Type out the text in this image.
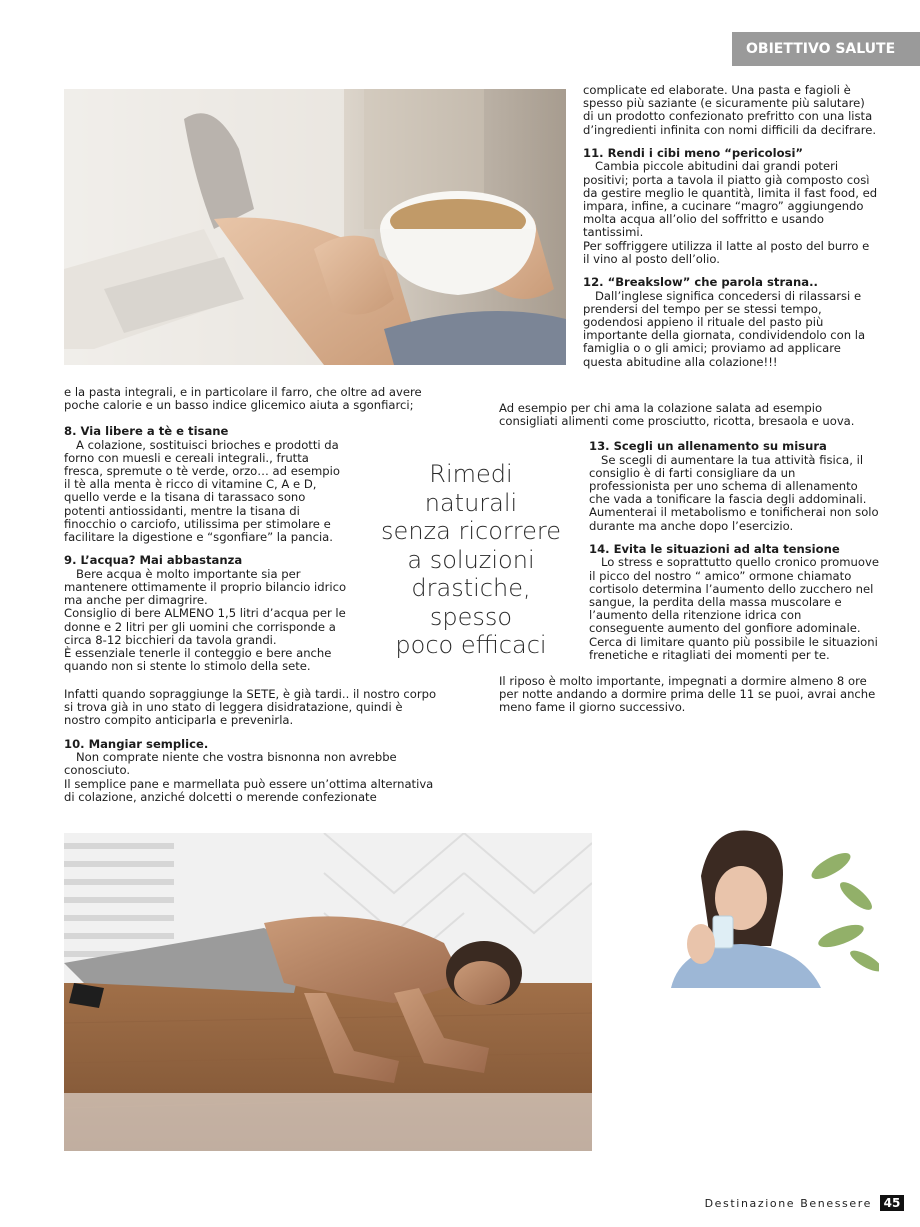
OBIETTIVO SALUTE

e la pasta integrali, e in particolare il farro, che oltre ad avere poche calorie e un basso indice glicemico aiuta a sgonfiarci;

8. Via libere a tè e tisane

A colazione, sostituisci brioches e prodotti da forno con muesli e cereali integrali., frutta fresca, spremute o tè verde, orzo… ad esempio il tè alla menta è ricco di vitamine C, A e D, quello verde e la tisana di tarassaco sono potenti antiossidanti, mentre la tisana di finocchio o carciofo, utilissima per stimolare e facilitare la digestione e “sgonfiare” la pancia.

9. L’acqua? Mai abbastanza

Bere acqua è molto importante sia per mantenere ottimamente il proprio bilancio idrico ma anche per dimagrire.

Consiglio di bere ALMENO 1,5 litri d’acqua per le donne e 2 litri per gli uomini che corrisponde a circa 8-12 bicchieri da tavola grandi.

È essenziale tenerle il conteggio e bere anche quando non si stente lo stimolo della sete.

Infatti quando sopraggiunge la SETE, è già tardi.. il nostro corpo si trova già in uno stato di leggera disidratazione, quindi è nostro compito anticiparla e prevenirla.

10. Mangiar semplice.

Non comprate niente che vostra bisnonna non avrebbe conosciuto.

Il semplice pane e marmellata può essere un’ottima alternativa di colazione, anziché dolcetti o merende confezionate

Rimedi
naturali
senza ricorrere
a soluzioni
drastiche,
spesso
poco efficaci

complicate ed elaborate. Una pasta e fagioli è spesso più saziante (e sicuramente più salutare) di un prodotto confezionato prefritto con una lista d’ingredienti infinita con nomi difficili da decifrare.

11. Rendi i cibi meno “pericolosi”

Cambia piccole abitudini dai grandi poteri positivi; porta a tavola il piatto già composto così da gestire meglio le quantità, limita il fast food, ed impara, infine, a cucinare “magro” aggiungendo molta acqua all’olio del soffritto e usando tantissimi.

Per soffriggere utilizza il latte al posto del burro e il vino al posto dell’olio.

12. “Breakslow” che parola strana..

Dall’inglese significa concedersi di rilassarsi e prendersi del tempo per se stessi tempo, godendosi appieno il rituale del pasto più importante della giornata, condividendolo con la famiglia o o gli amici; proviamo ad applicare questa abitudine alla colazione!!!

Ad esempio per chi ama la colazione salata ad esempio consigliati alimenti come prosciutto, ricotta, bresaola e uova.

13. Scegli un allenamento su misura

Se scegli di aumentare la tua attività fisica, il consiglio è di farti consigliare da un professionista per uno schema di allenamento che vada a tonificare la fascia degli addominali.

Aumenterai il metabolismo e tonificherai non solo durante ma anche dopo l’esercizio.

14. Evita le situazioni ad alta tensione

Lo stress e soprattutto quello cronico promuove il picco del nostro “ amico” ormone chiamato cortisolo determina l’aumento dello zucchero nel sangue, la perdita della massa muscolare e l’aumento della ritenzione idrica con conseguente aumento del gonfiore adominale.

Cerca di limitare quanto più possibile le situazioni frenetiche e ritagliati dei momenti per te.

Il riposo è molto importante, impegnati a dormire almeno 8 ore per notte andando a dormire prima delle 11 se puoi, avrai anche meno fame il giorno successivo.

Destinazione Benessere 45
